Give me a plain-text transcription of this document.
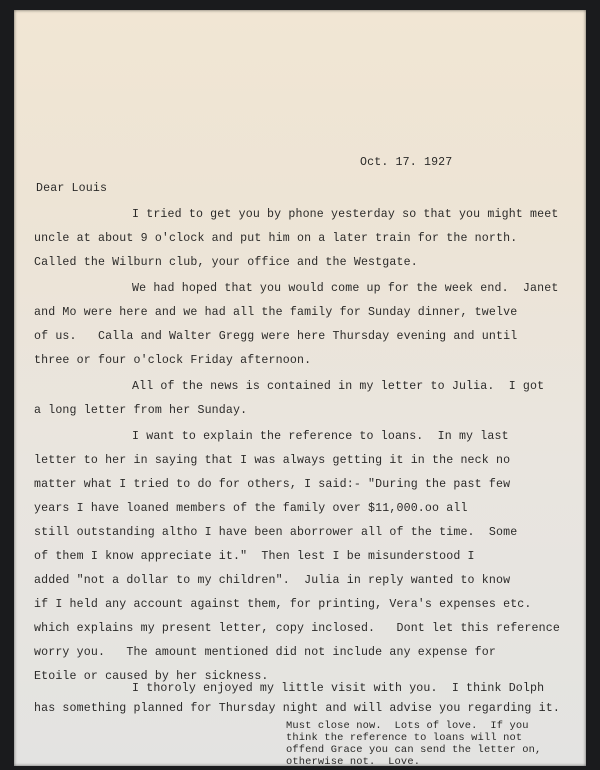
Oct. 17. 1927
Dear Louis
I tried to get you by phone yesterday so that you might meet
uncle at about 9 o'clock and put him on a later train for the north.
Called the Wilburn club, your office and the Westgate.
We had hoped that you would come up for the week end.  Janet
and Mo were here and we had all the family for Sunday dinner, twelve
of us.   Calla and Walter Gregg were here Thursday evening and until
three or four o'clock Friday afternoon.
All of the news is contained in my letter to Julia.  I got
a long letter from her Sunday.
I want to explain the reference to loans.  In my last
letter to her in saying that I was always getting it in the neck no
matter what I tried to do for others, I said:- "During the past few
years I have loaned members of the family over $11,000.oo all
still outstanding altho I have been aborrower all of the time.  Some
of them I know appreciate it."  Then lest I be misunderstood I
added "not a dollar to my children".  Julia in reply wanted to know
if I held any account against them, for printing, Vera's expenses etc.
which explains my present letter, copy inclosed.   Dont let this reference
worry you.   The amount mentioned did not include any expense for
Etoile or caused by her sickness.
I thoroly enjoyed my little visit with you.  I think Dolph
has something planned for Thursday night and will advise you regarding it.
Must close now.  Lots of love.  If you
think the reference to loans will not
offend Grace you can send the letter on,
otherwise not.  Love.
